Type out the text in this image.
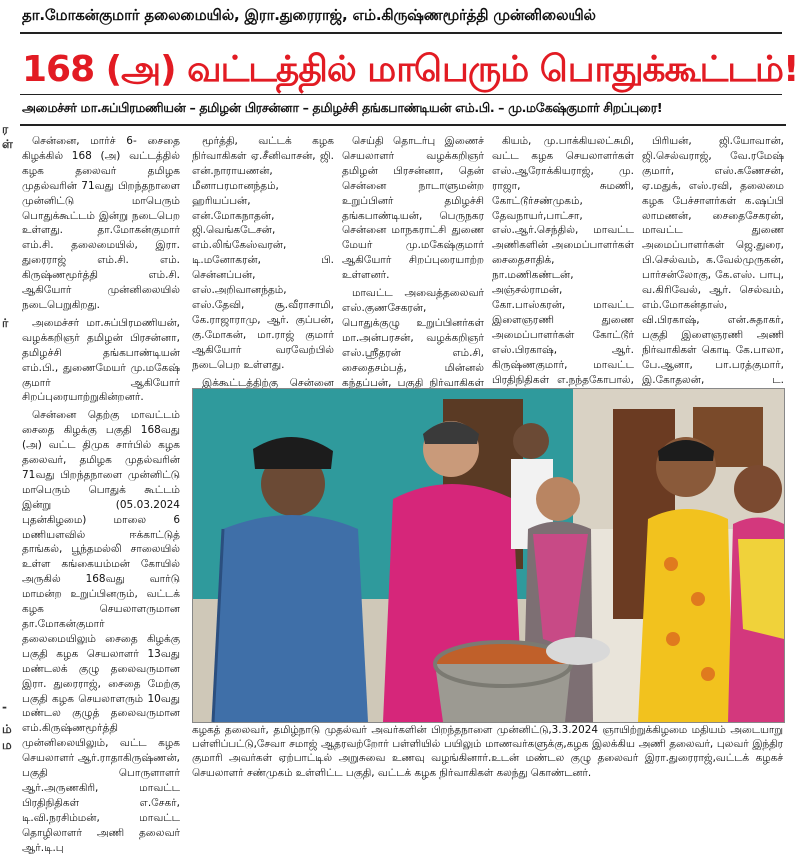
ர
ள்
ர்
-
ம்
ம
தா.மோகன்குமார் தலைமையில், இரா.துரைராஜ், எம்.கிருஷ்ணமூர்த்தி முன்னிலையில்
168 (அ) வட்டத்தில் மாபெரும் பொதுக்கூட்டம்!
அமைச்சர் மா.சுப்பிரமணியன் – தமிழன் பிரசன்னா – தமிழச்சி தங்கபாண்டியன் எம்.பி. – மு.மகேஷ்குமார் சிறப்புரை!

சென்னை, மார்ச் 6- சைதை கிழக்கில் 168 (அ) வட்டத்தில் கழக தலைவர் தமிழக முதல்வரின் 71வது பிறந்தநாளை முன்னிட்டு மாபெரும் பொதுக்கூட்டம் இன்று நடைபெற உள்ளது. தா.மோகன்குமார் எம்.சி. தலைமையில், இரா. துரைராஜ் எம்.சி. எம். கிருஷ்ணமூர்த்தி எம்.சி. ஆகியோர் முன்னிலையில் நடைபெறுகிறது.

அமைச்சர் மா.சுப்பிரமணியன், வழக்கறிஞர் தமிழன் பிரசன்னா, தமிழச்சி தங்கபாண்டியன் எம்.பி., துணைமேயர் மு.மகேஷ் குமார் ஆகியோர் சிறப்புரையாற்றுகின்றனர்.

சென்னை தெற்கு மாவட்டம் சைதை கிழக்கு பகுதி 168வது (அ) வட்ட திமுக சார்பில் கழக தலைவர், தமிழக முதல்வரின் 71வது பிறந்தநாளை முன்னிட்டு மாபெரும் பொதுக் கூட்டம் இன்று (05.03.2024 புதன்கிழமை) மாலை 6 மணியளவில் ஈக்காட்டுத் தாங்கல், பூந்தமல்லி சாலையில் உள்ள கங்கையம்மன் கோயில் அருகில் 168வது வார்டு மாமன்ற உறுப்பினரும், வட்டக் கழக செயலாளருமான தா.மோகன்குமார் தலைமையிலும் சைதை கிழக்கு பகுதி கழக செயலாளர் 13வது மண்டலக் குழு தலைவருமான இரா. துரைராஜ், சைதை மேற்கு பகுதி கழக செயலாளரும் 10வது மண்டல குழுத் தலைவருமான எம்.கிருஷ்ணமூர்த்தி முன்னிலையிலும், வட்ட கழக செயலாளர் ஆர்.ராதாகிருஷ்ணன், பகுதி பொருளாளர் ஆர்.அருணகிரி, மாவட்ட பிரதிநிதிகள் எ.சேகர், டி.வி.நரசிம்மன், மாவட்ட தொழிலாளர் அணி தலைவர் ஆர்.டி.பு

மூர்த்தி, வட்டக் கழக நிர்வாகிகள் ஏ.சீனிவாசன், ஜி. என்.நாராயணன், மீனாபரமானந்தம், ஹரியப்பன், என்.மோகநாதன், ஜி.வெங்கடேசன், எம்.லிங்கேஸ்வரன், டி.மனோகரன், பி. சென்னப்பன், எஸ்.அறிவானந்தம், எஸ்.தேவி, சூ.வீராசாமி, கே.ராஜாராமு, ஆர். குப்பன், கு.மோகன், மா.ராஜ் குமார் ஆகியோர் வரவேற்பில் நடைபெற உள்ளது.

இக்கூட்டத்திற்கு சென்னை

செய்தி தொடர்பு இணைச் செயலாளர் வழக்கறிஞர் தமிழன் பிரசன்னா, தென் சென்னை நாடாளுமன்ற உறுப்பினர் தமிழச்சி தங்கபாண்டியன், பெருநகர சென்னை மாநகராட்சி துணை மேயர் மு.மகேஷ்குமார் ஆகியோர் சிறப்புரையாற்ற உள்ளனர்.

மாவட்ட அவைத்தலைவர் எஸ்.குணசேகரன், பொதுக்குழு உறுப்பினர்கள் மா.அன்பரசன், வழக்கறிஞர் எஸ்.ஸ்ரீதரன் எம்.சி, சைதைசம்பத், மின்னல் கந்தப்பன், பகுதி நிர்வாகிகள்

கியம், மு.பாக்கியலட்சுமி, வட்ட கழக செயலாளர்கள் எஸ்.ஆரோக்கியராஜ், மு. ராஜா, சுமணி, கோட்டூர்சண்முகம், தேவநாயர்,பாட்சா, எஸ்.ஆர்.செந்தில், மாவட்ட அணிகளின் அமைப்பாளர்கள் சைதைசாதிக், நா.மணிகண்டன், அஞ்சல்ராமன், கோ.பாஸ்கரன், மாவட்ட இளைஞரணி துணை அமைப்பாளர்கள் கோட்டூர் எஸ்.பிரகாஷ், ஆர். கிருஷ்ணகுமார், மாவட்ட பிரதிநிதிகள் எ.நந்தகோபால்,

பிரியன், ஜி.யோவான், ஜி.செல்வராஜ், வே.ரமேஷ் குமார், எஸ்.கணேசன், ஏ.மதுக், எஸ்.ரவி, தலைமை கழக பேச்சாளர்கள் க.ஷப்பி லாமணன், சைதைசேகரன், மாவட்ட துணை அமைப்பாளர்கள் ஜெ.துரை, பி.செல்வம், க.வேல்முருகன், பார்சன்லோகு, கே.எஸ். பாபு, வ.கிரிவேல், ஆர். செல்வம், எம்.மோகன்தாஸ், வி.பிரகாஷ், என்.சுதாகர், பகுதி இளைஞரணி அணி நிர்வாகிகள் கொடி கே.பாலா, பே.ஆனா, பா.பரத்குமார், இ.கோதலன், ட.

கழகத் தலைவர், தமிழ்நாடு முதல்வர் அவர்களின் பிறந்தநாளை முன்னிட்டு,3.3.2024 ஞாயிற்றுக்கிழமை மதியம் அடையாறு பள்ளிப்பட்டு,சேவா சமாஜ் ஆதரவற்றோர் பள்ளியில் பயிலும் மாணவர்களுக்கு,கழக இலக்கிய அணி தலைவர், புலவர் இந்திர குமாரி அவர்கள் ஏற்பாட்டில் அறுசுவை உணவு வழங்கினார்.உடன் மண்டல குழு தலைவர் இரா.துரைராஜ்,வட்டக் கழகச் செயலாளர் சண்முகம் உள்ளிட்ட பகுதி, வட்டக் கழக நிர்வாகிகள் கலந்து கொண்டனர்.
